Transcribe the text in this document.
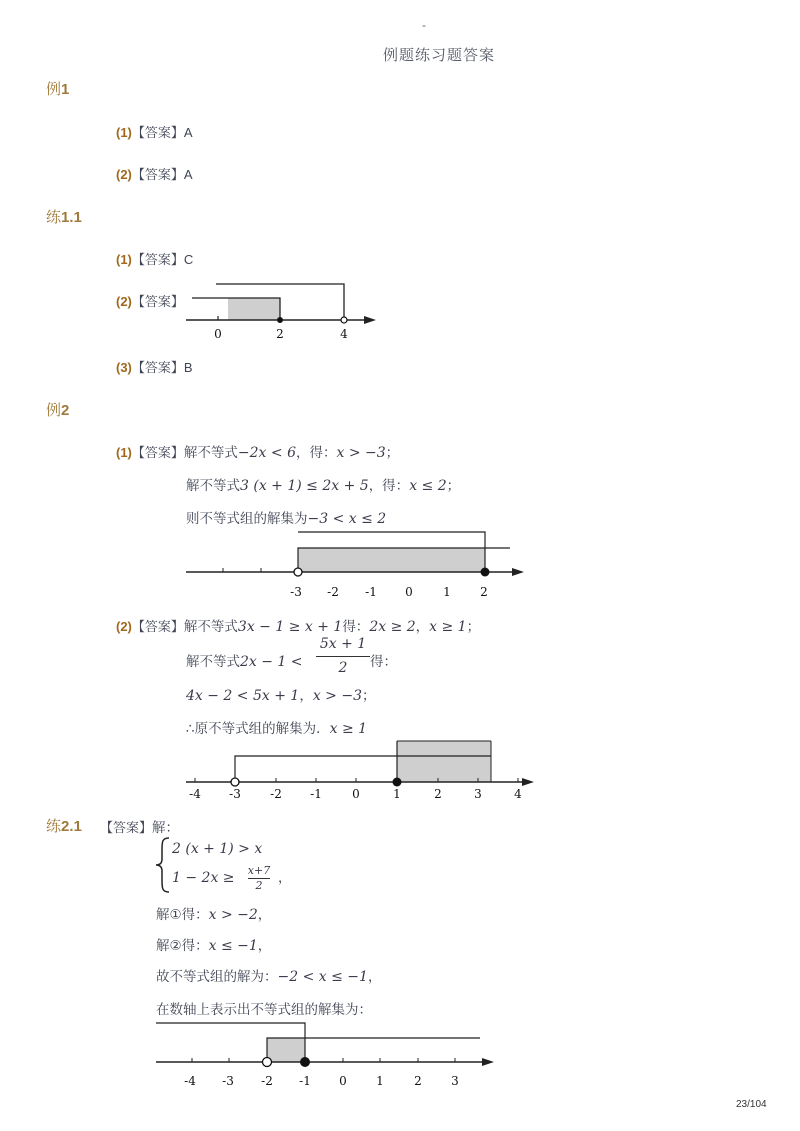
-
例题练习题答案
例1
(1)【答案】A
(2)【答案】A
练1.1
(1)【答案】C
(2)【答案】
0	2	4
(3)【答案】B
例2
(1)【答案】解不等式−2x < 6，得：x > −3；
解不等式3 (x + 1) ≤ 2x + 5，得：x ≤ 2；
则不等式组的解集为−3 < x ≤ 2
-3 -2 -1 0	1 2
(2)【答案】解不等式3x − 1 ≥ x + 1得：2x ≥ 2，x ≥ 1；
解不等式2x − 1 <
5x + 1
2	得：
4x − 2 < 5x + 1，x > −3；
∴原不等式组的解集为．x ≥ 1
-4 -3 -2 -1	0	1	2	3	4
练2.1 【答案】解：
2 (x + 1) > x
1 − 2x ≥ x+7
2
，
解①得：x > −2，
解②得：x ≤ −1，
故不等式组的解为：−2 < x ≤ −1，
在数轴上表示出不等式组的解集为：
-4 -3 -2 -1 0 1	2 3
23/104
